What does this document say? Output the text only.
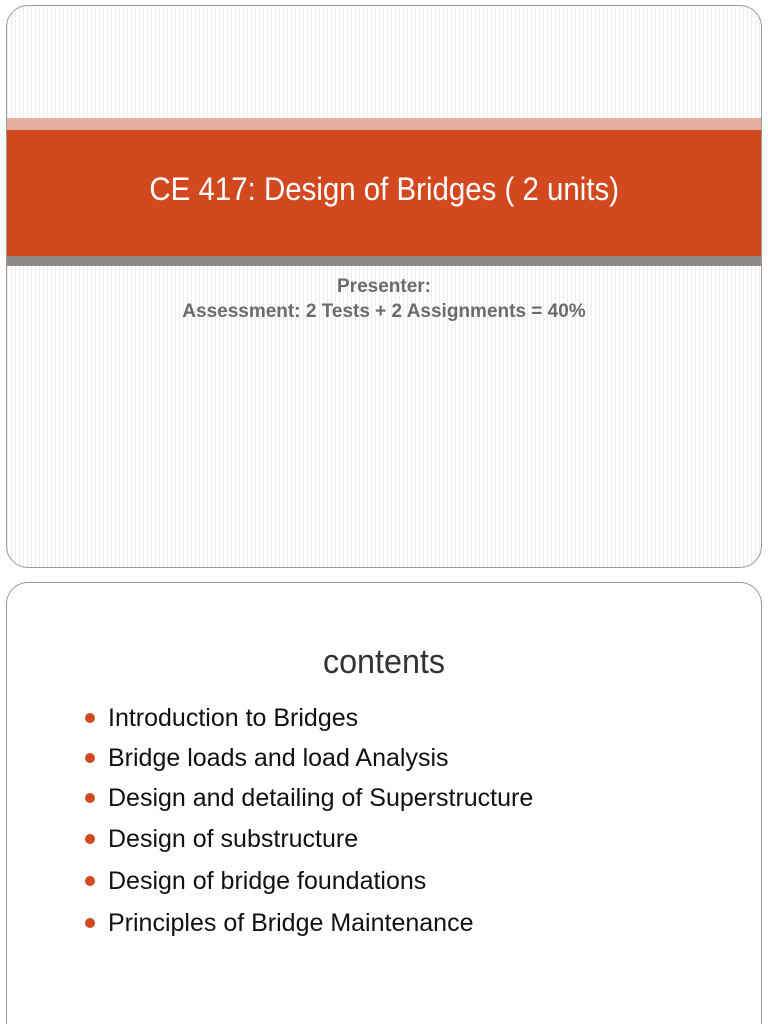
CE 417: Design of Bridges ( 2 units)
Presenter:
Assessment: 2 Tests + 2 Assignments = 40%
contents
Introduction to Bridges
Bridge loads and load Analysis
Design and detailing of Superstructure
Design of substructure
Design of bridge foundations
Principles of Bridge Maintenance
